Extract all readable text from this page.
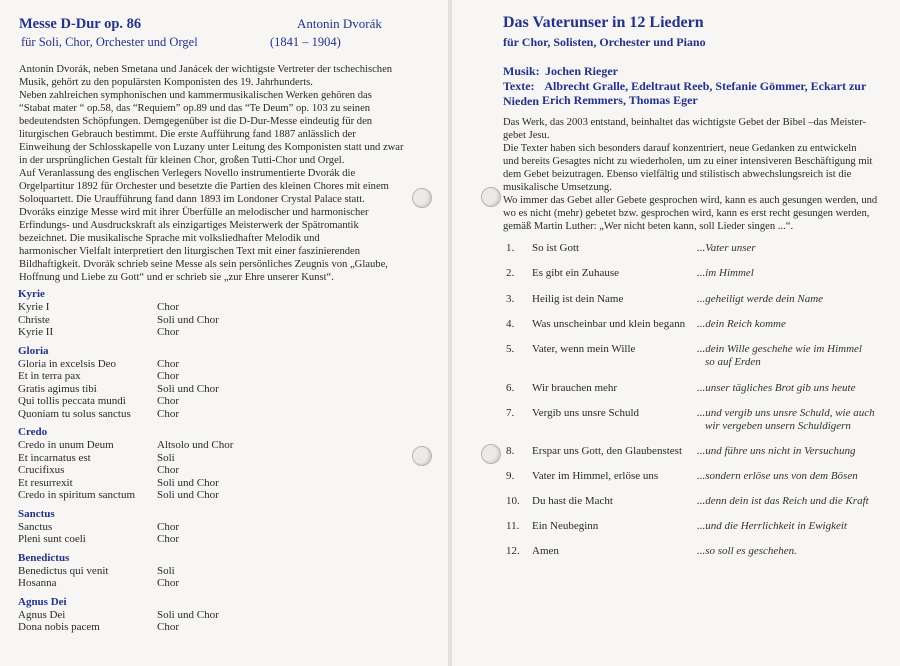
Messe D-Dur op. 86
für Soli, Chor, Orchester und Orgel
Antonin Dvorák
(1841 – 1904)
Antonin Dvorák, neben Smetana und Janácek der wichtigste Vertreter der tschechischen
Musik, gehört zu den populärsten Komponisten des 19. Jahrhunderts.
Neben zahlreichen symphonischen und kammermusikalischen Werken gehören das
“Stabat mater “ op.58, das “Requiem” op.89 und das “Te Deum” op. 103 zu seinen
bedeutendsten Schöpfungen. Demgegenüber ist die D-Dur-Messe eindeutig für den
liturgischen Gebrauch bestimmt. Die erste Aufführung fand 1887 anlässlich der
Einweihung der Schlosskapelle von Luzany unter Leitung des Komponisten statt und zwar
in der ursprünglichen Gestalt für kleinen Chor, großen Tutti-Chor und Orgel.
Auf Veranlassung des englischen Verlegers Novello instrumentierte Dvorák die
Orgelpartitur 1892 für Orchester und besetzte die Partien des kleinen Chores mit einem
Soloquartett. Die Uraufführung fand dann 1893 im Londoner Crystal Palace statt.
Dvoráks einzige Messe wird mit ihrer Überfülle an melodischer und harmonischer
Erfindungs- und Ausdruckskraft als einzigartiges Meisterwerk der Spätromantik
bezeichnet. Die musikalische Sprache mit volksliedhafter Melodik und
harmonischer Vielfalt interpretiert den liturgischen Text mit einer faszinierenden
Bildhaftigkeit. Dvorák schrieb seine Messe als sein persönliches Zeugnis von „Glaube,
Hoffnung und Liebe zu Gott“ und er schrieb sie „zur Ehre unserer Kunst“.
Kyrie
Kyrie I	Chor
Christe	Soli und Chor
Kyrie II	Chor
Gloria
Gloria in excelsis Deo	Chor
Et in terra pax	Chor
Gratis agimus tibi	Soli und Chor
Qui tollis peccata mundi	Chor
Quoniam tu solus sanctus	Chor
Credo
Credo in unum Deum	Altsolo und Chor
Et incarnatus est	Soli
Crucifixus	Chor
Et resurrexit	Soli und Chor
Credo in spiritum sanctum	Soli und Chor
Sanctus
Sanctus	Chor
Pleni sunt coeli	Chor
Benedictus
Benedictus qui venit	Soli
Hosanna	Chor
Agnus Dei
Agnus Dei	Soli und Chor
Dona nobis pacem	Chor
Das Vaterunser in 12 Liedern
für Chor, Solisten, Orchester und Piano
Musik: Jochen Rieger
Texte: Albrecht Gralle, Edeltraut Reeb, Stefanie Gömmer, Eckart zur Nieden Erich Remmers, Thomas Eger
Das Werk, das 2003 entstand, beinhaltet das wichtigste Gebet der Bibel –das Meister-
gebet Jesu.
Die Texter haben sich besonders darauf konzentriert, neue Gedanken zu entwickeln
und bereits Gesagtes nicht zu wiederholen, um zu einer intensiveren Beschäftigung mit
dem Gebet beizutragen. Ebenso vielfältig und stilistisch abwechslungsreich ist die
musikalische Umsetzung.
Wo immer das Gebet aller Gebete gesprochen wird, kann es auch gesungen werden, und
wo es nicht (mehr) gebetet bzw. gesprochen wird, kann es erst recht gesungen werden,
gemäß Martin Luther: „Wer nicht beten kann, soll Lieder singen ...“.
1. So ist Gott	...Vater unser
2. Es gibt ein Zuhause	...im Himmel
3. Heilig ist dein Name	...geheiligt werde dein Name
4. Was unscheinbar und klein begann ...dein Reich komme
5. Vater, wenn mein Wille	...dein Wille geschehe wie im Himmel
so auf Erden
6. Wir brauchen mehr	...unser tägliches Brot gib uns heute
7. Vergib uns unsre Schuld	...und vergib uns unsre Schuld, wie auch
wir vergeben unsern Schuldigern
8. Erspar uns Gott, den Glaubenstest ...und führe uns nicht in Versuchung
9. Vater im Himmel, erlöse uns	...sondern erlöse uns von dem Bösen
10. Du hast die Macht	...denn dein ist das Reich und die Kraft
11. Ein Neubeginn	...und die Herrlichkeit in Ewigkeit
12. Amen	...so soll es geschehen.
